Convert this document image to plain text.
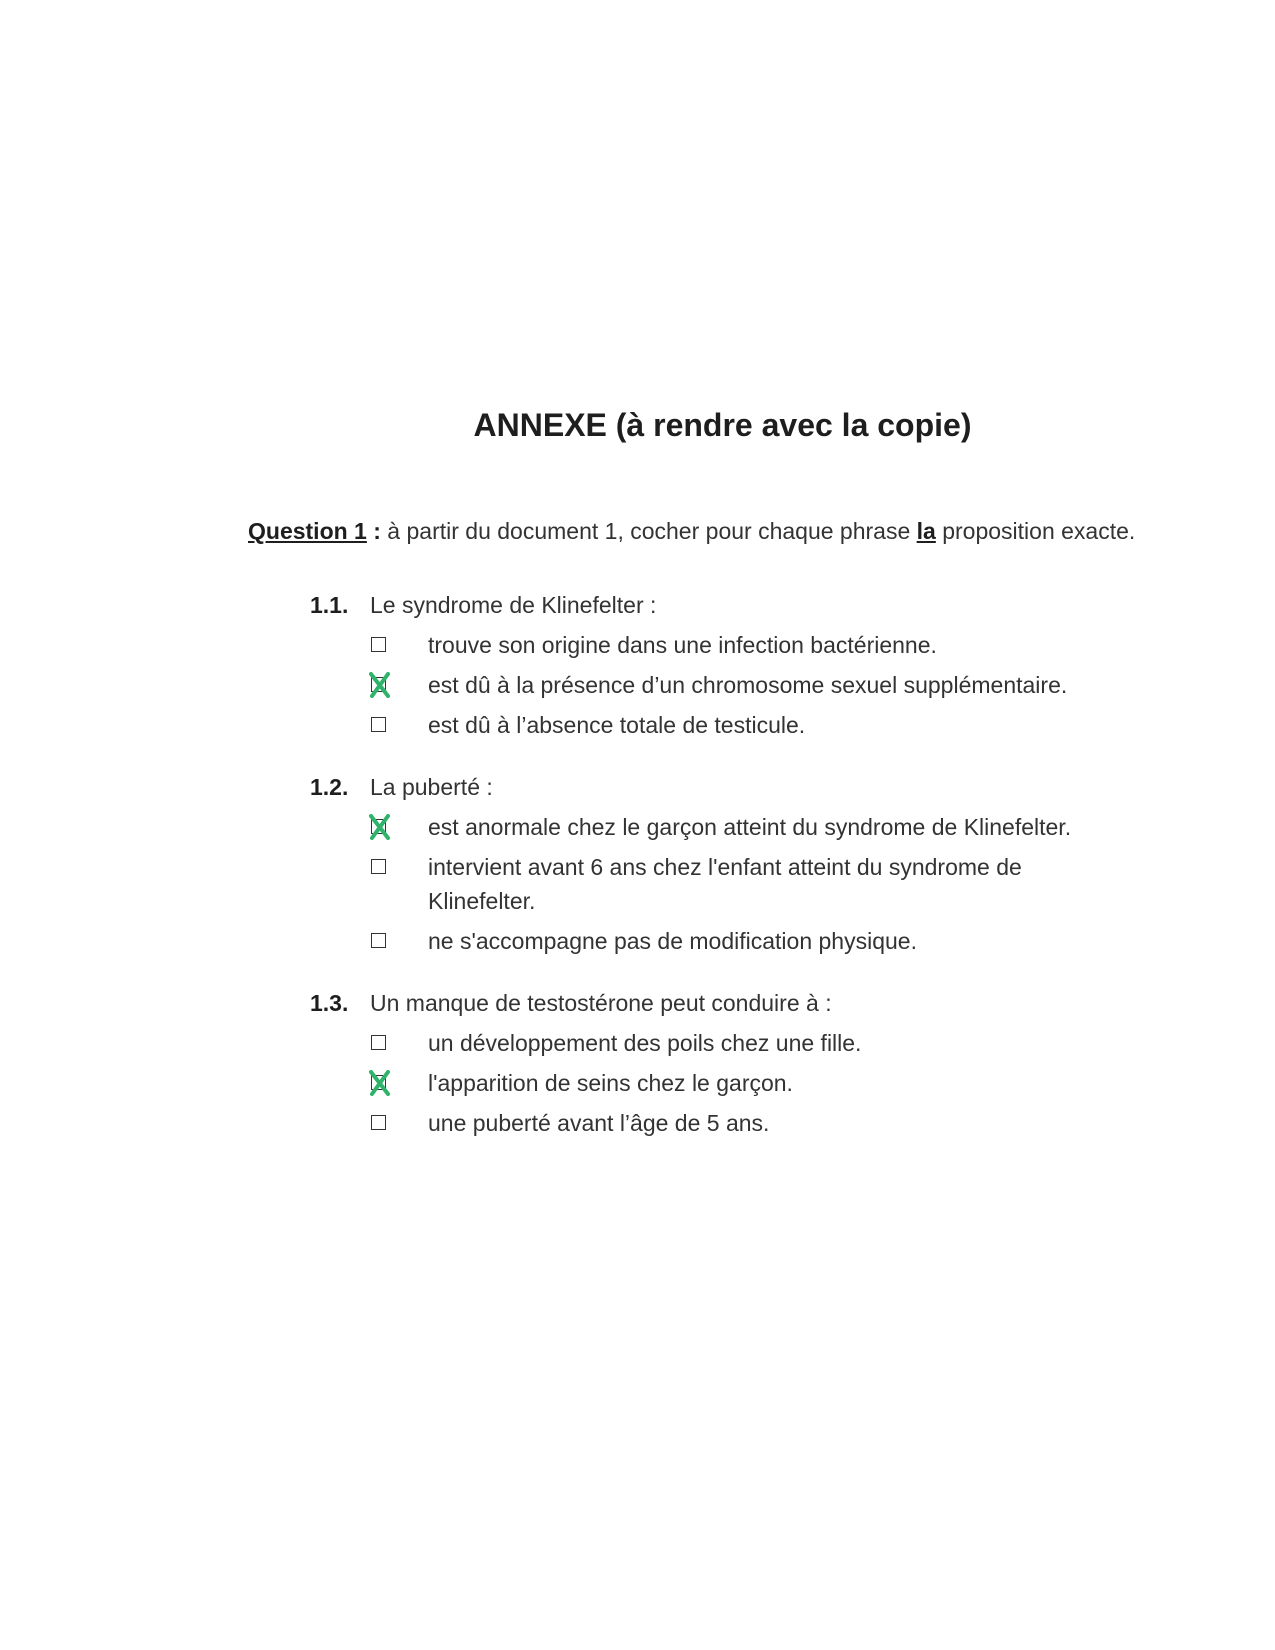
ANNEXE (à rendre avec la copie)
Question 1 : à partir du document 1, cocher pour chaque phrase la proposition exacte.
1.1. Le syndrome de Klinefelter :
trouve son origine dans une infection bactérienne.
est dû à la présence d’un chromosome sexuel supplémentaire.
est dû à l’absence totale de testicule.
1.2. La puberté :
est anormale chez le garçon atteint du syndrome de Klinefelter.
intervient avant 6 ans chez l'enfant atteint du syndrome de Klinefelter.
ne s'accompagne pas de modification physique.
1.3. Un manque de testostérone peut conduire à :
un développement des poils chez une fille.
l'apparition de seins chez le garçon.
une puberté avant l’âge de 5 ans.
